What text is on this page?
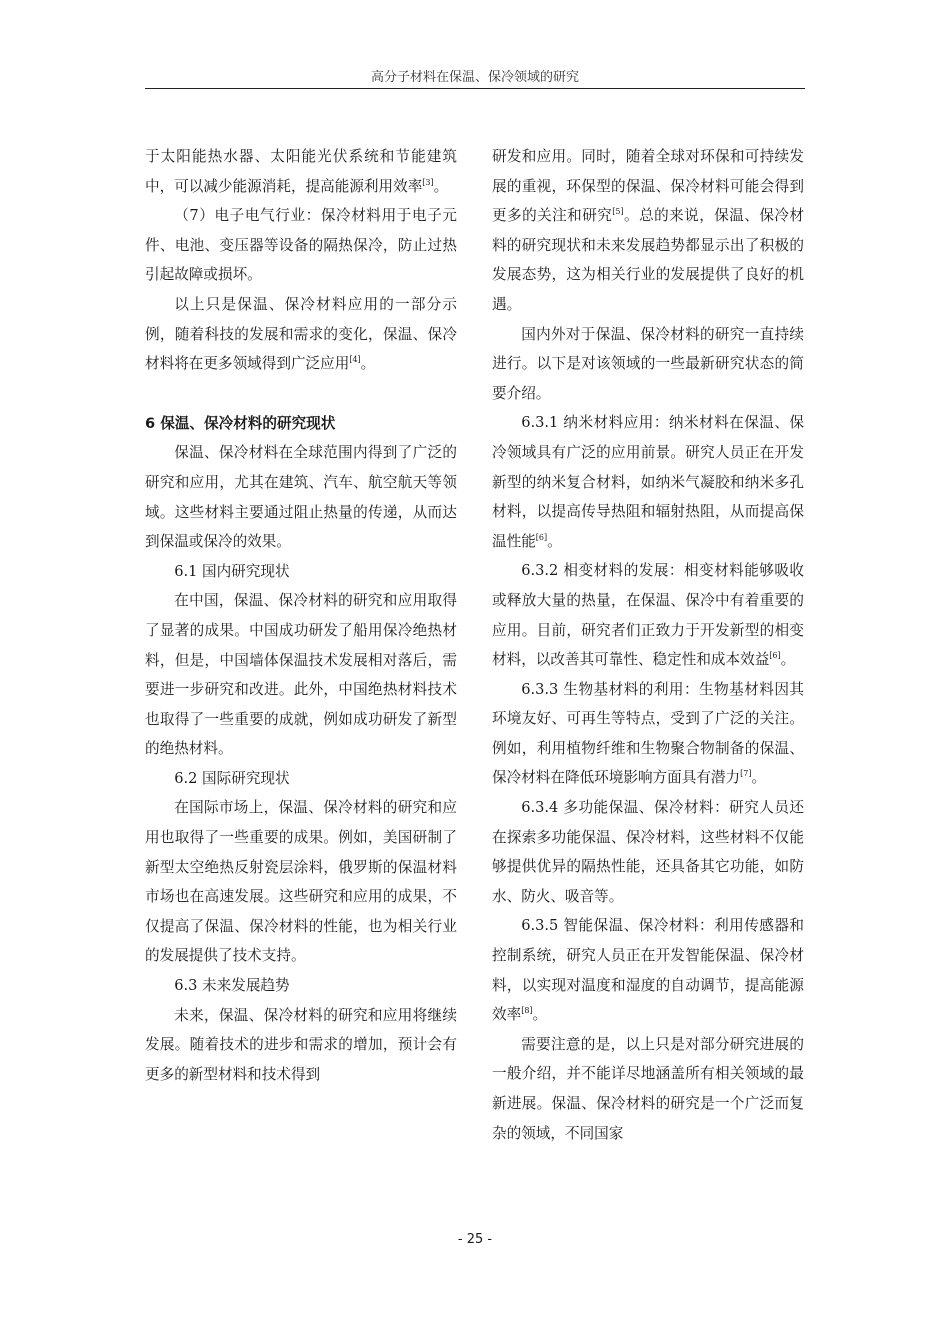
高分子材料在保温、保冷领域的研究

于太阳能热水器、太阳能光伏系统和节能建筑中，可以减少能源消耗，提高能源利用效率[3]。

（7）电子电气行业：保冷材料用于电子元件、电池、变压器等设备的隔热保冷，防止过热引起故障或损坏。

以上只是保温、保冷材料应用的一部分示例，随着科技的发展和需求的变化，保温、保冷材料将在更多领域得到广泛应用[4]。

6 保温、保冷材料的研究现状

保温、保冷材料在全球范围内得到了广泛的研究和应用，尤其在建筑、汽车、航空航天等领域。这些材料主要通过阻止热量的传递，从而达到保温或保冷的效果。

6.1 国内研究现状

在中国，保温、保冷材料的研究和应用取得了显著的成果。中国成功研发了船用保冷绝热材料，但是，中国墙体保温技术发展相对落后，需要进一步研究和改进。此外，中国绝热材料技术也取得了一些重要的成就，例如成功研发了新型的绝热材料。

6.2 国际研究现状

在国际市场上，保温、保冷材料的研究和应用也取得了一些重要的成果。例如，美国研制了新型太空绝热反射瓷层涂料，俄罗斯的保温材料市场也在高速发展。这些研究和应用的成果，不仅提高了保温、保冷材料的性能，也为相关行业的发展提供了技术支持。

6.3 未来发展趋势

未来，保温、保冷材料的研究和应用将继续发展。随着技术的进步和需求的增加，预计会有更多的新型材料和技术得到

研发和应用。同时，随着全球对环保和可持续发展的重视，环保型的保温、保冷材料可能会得到更多的关注和研究[5]。总的来说，保温、保冷材料的研究现状和未来发展趋势都显示出了积极的发展态势，这为相关行业的发展提供了良好的机遇。

国内外对于保温、保冷材料的研究一直持续进行。以下是对该领域的一些最新研究状态的简要介绍。

6.3.1 纳米材料应用：纳米材料在保温、保冷领域具有广泛的应用前景。研究人员正在开发新型的纳米复合材料，如纳米气凝胶和纳米多孔材料，以提高传导热阻和辐射热阻，从而提高保温性能[6]。

6.3.2 相变材料的发展：相变材料能够吸收或释放大量的热量，在保温、保冷中有着重要的应用。目前，研究者们正致力于开发新型的相变材料，以改善其可靠性、稳定性和成本效益[6]。

6.3.3 生物基材料的利用：生物基材料因其环境友好、可再生等特点，受到了广泛的关注。例如，利用植物纤维和生物聚合物制备的保温、保冷材料在降低环境影响方面具有潜力[7]。

6.3.4 多功能保温、保冷材料：研究人员还在探索多功能保温、保冷材料，这些材料不仅能够提供优异的隔热性能，还具备其它功能，如防水、防火、吸音等。

6.3.5 智能保温、保冷材料：利用传感器和控制系统，研究人员正在开发智能保温、保冷材料，以实现对温度和湿度的自动调节，提高能源效率[8]。

需要注意的是，以上只是对部分研究进展的一般介绍，并不能详尽地涵盖所有相关领域的最新进展。保温、保冷材料的研究是一个广泛而复杂的领域，不同国家

- 25 -
